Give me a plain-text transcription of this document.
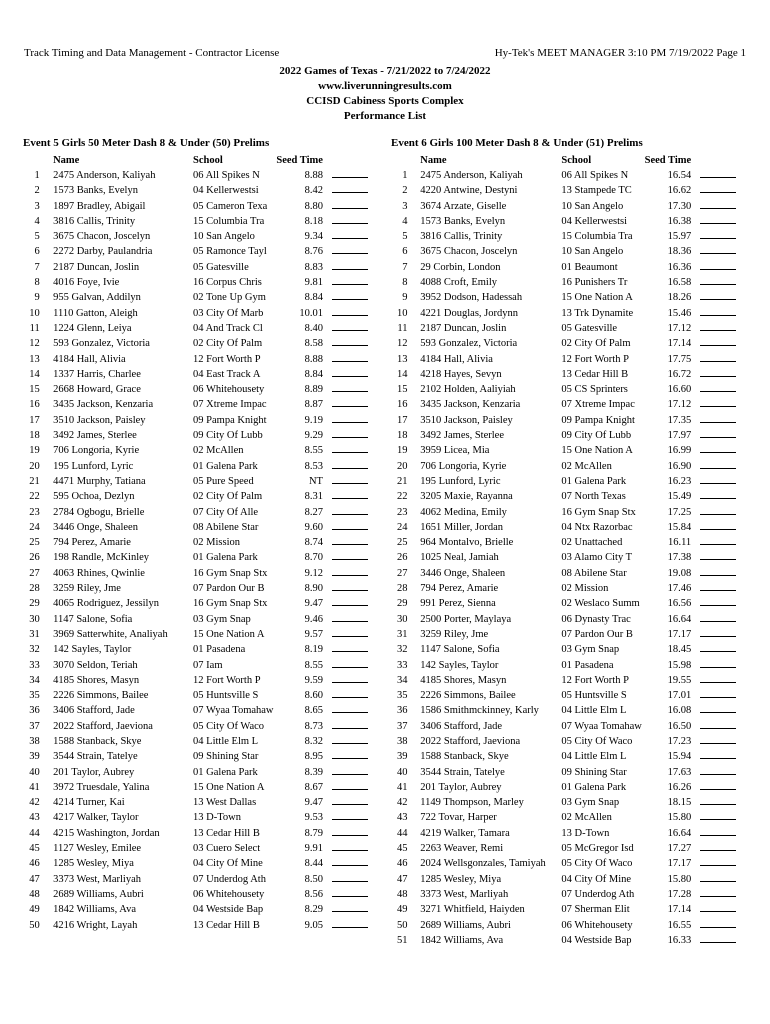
Track Timing and Data Management - Contractor License	Hy-Tek's MEET MANAGER 3:10 PM 7/19/2022 Page 1
2022 Games of Texas - 7/21/2022 to 7/24/2022
www.liverunningresults.com
CCISD Cabiness Sports Complex
Performance List
Event 5 Girls 50 Meter Dash 8 & Under (50) Prelims
		Name	School	Seed Time	
1		2475 Anderson, Kaliyah	06 All Spikes N	8.88	
2		1573 Banks, Evelyn	04 Kellerwestsi	8.42	
3		1897 Bradley, Abigail	05 Cameron Texa	8.80	
4		3816 Callis, Trinity	15 Columbia Tra	8.18	
5		3675 Chacon, Joscelyn	10 San Angelo	9.34	
6		2272 Darby, Paulandria	05 Ramonce Tayl	8.76	
7		2187 Duncan, Joslin	05 Gatesville	8.83	
8		4016 Foye, Ivie	16 Corpus Chris	9.81	
9		955 Galvan, Addilyn	02 Tone Up Gym	8.84	
10		1110 Gatton, Aleigh	03 City Of Marb	10.01	
11		1224 Glenn, Leiya	04 And Track Cl	8.40	
12		593 Gonzalez, Victoria	02 City Of Palm	8.58	
13		4184 Hall, Alivia	12 Fort Worth P	8.88	
14		1337 Harris, Charlee	04 East Track A	8.84	
15		2668 Howard, Grace	06 Whitehousety	8.89	
16		3435 Jackson, Kenzaria	07 Xtreme Impac	8.87	
17		3510 Jackson, Paisley	09 Pampa Knight	9.19	
18		3492 James, Sterlee	09 City Of Lubb	9.29	
19		706 Longoria, Kyrie	02 McAllen	8.55	
20		195 Lunford, Lyric	01 Galena Park	8.53	
21		4471 Murphy, Tatiana	05 Pure Speed	NT	
22		595 Ochoa, Dezlyn	02 City Of Palm	8.31	
23		2784 Ogbogu, Brielle	07 City Of Alle	8.27	
24		3446 Onge, Shaleen	08 Abilene Star	9.60	
25		794 Perez, Amarie	02 Mission	8.74	
26		198 Randle, McKinley	01 Galena Park	8.70	
27		4063 Rhines, Qwinlie	16 Gym Snap Stx	9.12	
28		3259 Riley, Jme	07 Pardon Our B	8.90	
29		4065 Rodriguez, Jessilyn	16 Gym Snap Stx	9.47	
30		1147 Salone, Sofia	03 Gym Snap	9.46	
31		3969 Satterwhite, Analiyah	15 One Nation A	9.57	
32		142 Sayles, Taylor	01 Pasadena	8.19	
33		3070 Seldon, Teriah	07 Iam	8.55	
34		4185 Shores, Masyn	12 Fort Worth P	9.59	
35		2226 Simmons, Bailee	05 Huntsville S	8.60	
36		3406 Stafford, Jade	07 Wyaa Tomahaw	8.65	
37		2022 Stafford, Jaeviona	05 City Of Waco	8.73	
38		1588 Stanback, Skye	04 Little Elm L	8.32	
39		3544 Strain, Tatelye	09 Shining Star	8.95	
40		201 Taylor, Aubrey	01 Galena Park	8.39	
41		3972 Truesdale, Yalina	15 One Nation A	8.67	
42		4214 Turner, Kai	13 West Dallas	9.47	
43		4217 Walker, Taylor	13 D-Town	9.53	
44		4215 Washington, Jordan	13 Cedar Hill B	8.79	
45		1127 Wesley, Emilee	03 Cuero Select	9.91	
46		1285 Wesley, Miya	04 City Of Mine	8.44	
47		3373 West, Marliyah	07 Underdog Ath	8.50	
48		2689 Williams, Aubri	06 Whitehousety	8.56	
49		1842 Williams, Ava	04 Westside Bap	8.29	
50		4216 Wright, Layah	13 Cedar Hill B	9.05	
Event 6 Girls 100 Meter Dash 8 & Under (51) Prelims
		Name	School	Seed Time	
1		2475 Anderson, Kaliyah	06 All Spikes N	16.54	
2		4220 Antwine, Destyni	13 Stampede TC	16.62	
3		3674 Arzate, Giselle	10 San Angelo	17.30	
4		1573 Banks, Evelyn	04 Kellerwestsi	16.38	
5		3816 Callis, Trinity	15 Columbia Tra	15.97	
6		3675 Chacon, Joscelyn	10 San Angelo	18.36	
7		29 Corbin, London	01 Beaumont	16.36	
8		4088 Croft, Emily	16 Punishers Tr	16.58	
9		3952 Dodson, Hadessah	15 One Nation A	18.26	
10		4221 Douglas, Jordynn	13 Trk Dynamite	15.46	
11		2187 Duncan, Joslin	05 Gatesville	17.12	
12		593 Gonzalez, Victoria	02 City Of Palm	17.14	
13		4184 Hall, Alivia	12 Fort Worth P	17.75	
14		4218 Hayes, Sevyn	13 Cedar Hill B	16.72	
15		2102 Holden, Aaliyiah	05 CS Sprinters	16.60	
16		3435 Jackson, Kenzaria	07 Xtreme Impac	17.12	
17		3510 Jackson, Paisley	09 Pampa Knight	17.35	
18		3492 James, Sterlee	09 City Of Lubb	17.97	
19		3959 Licea, Mia	15 One Nation A	16.99	
20		706 Longoria, Kyrie	02 McAllen	16.90	
21		195 Lunford, Lyric	01 Galena Park	16.23	
22		3205 Maxie, Rayanna	07 North Texas	15.49	
23		4062 Medina, Emily	16 Gym Snap Stx	17.25	
24		1651 Miller, Jordan	04 Ntx Razorbac	15.84	
25		964 Montalvo, Brielle	02 Unattached	16.11	
26		1025 Neal, Jamiah	03 Alamo City T	17.38	
27		3446 Onge, Shaleen	08 Abilene Star	19.08	
28		794 Perez, Amarie	02 Mission	17.46	
29		991 Perez, Sienna	02 Weslaco Summ	16.56	
30		2500 Porter, Maylaya	06 Dynasty Trac	16.64	
31		3259 Riley, Jme	07 Pardon Our B	17.17	
32		1147 Salone, Sofia	03 Gym Snap	18.45	
33		142 Sayles, Taylor	01 Pasadena	15.98	
34		4185 Shores, Masyn	12 Fort Worth P	19.55	
35		2226 Simmons, Bailee	05 Huntsville S	17.01	
36		1586 Smithmckinney, Karly	04 Little Elm L	16.08	
37		3406 Stafford, Jade	07 Wyaa Tomahaw	16.50	
38		2022 Stafford, Jaeviona	05 City Of Waco	17.23	
39		1588 Stanback, Skye	04 Little Elm L	15.94	
40		3544 Strain, Tatelye	09 Shining Star	17.63	
41		201 Taylor, Aubrey	01 Galena Park	16.26	
42		1149 Thompson, Marley	03 Gym Snap	18.15	
43		722 Tovar, Harper	02 McAllen	15.80	
44		4219 Walker, Tamara	13 D-Town	16.64	
45		2263 Weaver, Remi	05 McGregor Isd	17.27	
46		2024 Wellsgonzales, Tamiyah	05 City Of Waco	17.17	
47		1285 Wesley, Miya	04 City Of Mine	15.80	
48		3373 West, Marliyah	07 Underdog Ath	17.28	
49		3271 Whitfield, Haiyden	07 Sherman Elit	17.14	
50		2689 Williams, Aubri	06 Whitehousety	16.55	
51		1842 Williams, Ava	04 Westside Bap	16.33	
